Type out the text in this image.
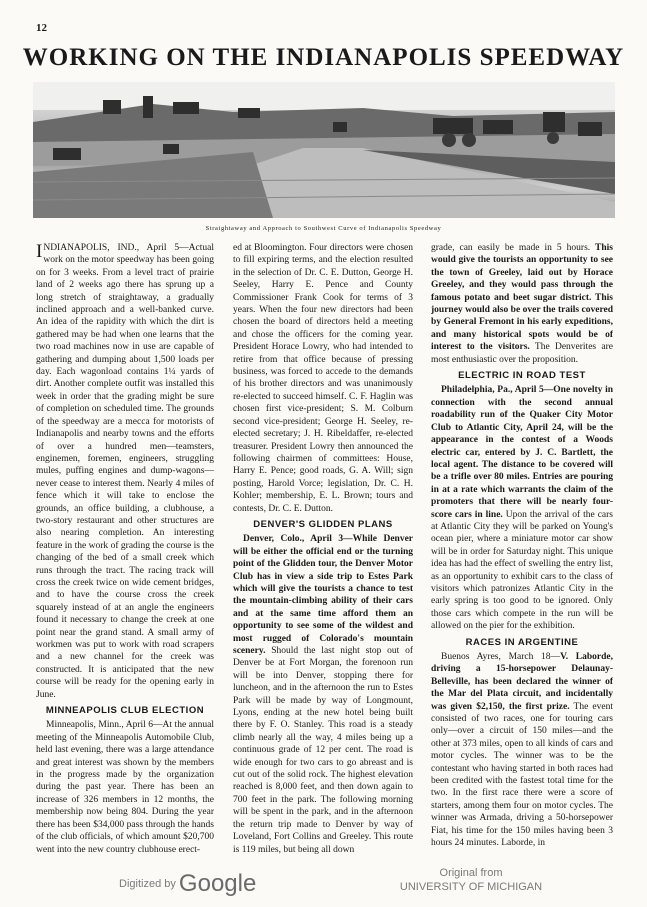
12
WORKING ON THE INDIANAPOLIS SPEEDWAY
Straightaway and Approach to Southwest Curve of Indianapolis Speedway

INDIANAPOLIS, IND., April 5—Actual work on the motor speedway has been going on for 3 weeks. From a level tract of prairie land of 2 weeks ago there has sprung up a long stretch of straightaway, a gradually inclined approach and a well-banked curve. An idea of the rapidity with which the dirt is gathered may be had when one learns that the two road machines now in use are capable of gathering and dumping about 1,500 loads per day. Each wagonload contains 1¼ yards of dirt. Another complete outfit was installed this week in order that the grading might be sure of completion on scheduled time. The grounds of the speedway are a mecca for motorists of Indianapolis and nearby towns and the efforts of over a hundred men—teamsters, enginemen, foremen, engineers, struggling mules, puffing engines and dump-wagons—never cease to interest them. Nearly 4 miles of fence which it will take to enclose the grounds, an office building, a clubhouse, a two-story restaurant and other structures are also nearing completion. An interesting feature in the work of grading the course is the changing of the bed of a small creek which runs through the tract. The racing track will cross the creek twice on wide cement bridges, and to have the course cross the creek squarely instead of at an angle the engineers found it necessary to change the creek at one point near the grand stand. A small army of workmen was put to work with road scrapers and a new channel for the creek was constructed. It is anticipated that the new course will be ready for the opening early in June.

MINNEAPOLIS CLUB ELECTION

Minneapolis, Minn., April 6—At the annual meeting of the Minneapolis Automobile Club, held last evening, there was a large attendance and great interest was shown by the members in the progress made by the organization during the past year. There has been an increase of 326 members in 12 months, the membership now being 804. During the year there has been $34,000 pass through the hands of the club officials, of which amount $20,700 went into the new country clubhouse erect-

ed at Bloomington. Four directors were chosen to fill expiring terms, and the election resulted in the selection of Dr. C. E. Dutton, George H. Seeley, Harry E. Pence and County Commissioner Frank Cook for terms of 3 years. When the four new directors had been chosen the board of directors held a meeting and chose the officers for the coming year. President Horace Lowry, who had intended to retire from that office because of pressing business, was forced to accede to the demands of his brother directors and was unanimously re-elected to succeed himself. C. F. Haglin was chosen first vice-president; S. M. Colburn second vice-president; George H. Seeley, re-elected secretary; J. H. Ribeldaffer, re-elected treasurer. President Lowry then announced the following chairmen of committees: House, Harry E. Pence; good roads, G. A. Will; sign posting, Harold Vorce; legislation, Dr. C. H. Kohler; membership, E. L. Brown; tours and contests, Dr. C. E. Dutton.

DENVER'S GLIDDEN PLANS

Denver, Colo., April 3—While Denver will be either the official end or the turning point of the Glidden tour, the Denver Motor Club has in view a side trip to Estes Park which will give the tourists a chance to test the mountain-climbing ability of their cars and at the same time afford them an opportunity to see some of the wildest and most rugged of Colorado's mountain scenery. Should the last night stop out of Denver be at Fort Morgan, the forenoon run will be into Denver, stopping there for luncheon, and in the afternoon the run to Estes Park will be made by way of Longmount, Lyons, ending at the new hotel being built there by F. O. Stanley. This road is a steady climb nearly all the way, 4 miles being up a continuous grade of 12 per cent. The road is wide enough for two cars to go abreast and is cut out of the solid rock. The highest elevation reached is 8,000 feet, and then down again to 700 feet in the park. The following morning will be spent in the park, and in the afternoon the return trip made to Denver by way of Loveland, Fort Collins and Greeley. This route is 119 miles, but being all down

grade, can easily be made in 5 hours. This would give the tourists an opportunity to see the town of Greeley, laid out by Horace Greeley, and they would pass through the famous potato and beet sugar district. This journey would also be over the trails covered by General Fremont in his early expeditions, and many historical spots would be of interest to the visitors. The Denverites are most enthusiastic over the proposition.

ELECTRIC IN ROAD TEST

Philadelphia, Pa., April 5—One novelty in connection with the second annual roadability run of the Quaker City Motor Club to Atlantic City, April 24, will be the appearance in the contest of a Woods electric car, entered by J. C. Bartlett, the local agent. The distance to be covered will be a trifle over 80 miles. Entries are pouring in at a rate which warrants the claim of the promoters that there will be nearly four-score cars in line. Upon the arrival of the cars at Atlantic City they will be parked on Young's ocean pier, where a miniature motor car show will be in order for Saturday night. This unique idea has had the effect of swelling the entry list, as an opportunity to exhibit cars to the class of visitors which patronizes Atlantic City in the early spring is too good to be ignored. Only those cars which compete in the run will be allowed on the pier for the exhibition.

RACES IN ARGENTINE

Buenos Ayres, March 18—V. Laborde, driving a 15-horsepower Delaunay-Belleville, has been declared the winner of the Mar del Plata circuit, and incidentally was given $2,150, the first prize. The event consisted of two races, one for touring cars only—over a circuit of 150 miles—and the other at 373 miles, open to all kinds of cars and motor cycles. The winner was to be the contestant who having started in both races had been credited with the fastest total time for the two. In the first race there were a score of starters, among them four on motor cycles. The winner was Armada, driving a 50-horsepower Fiat, his time for the 150 miles having been 3 hours 24 minutes. Laborde, in

Digitized by Google	Original from
UNIVERSITY OF MICHIGAN
